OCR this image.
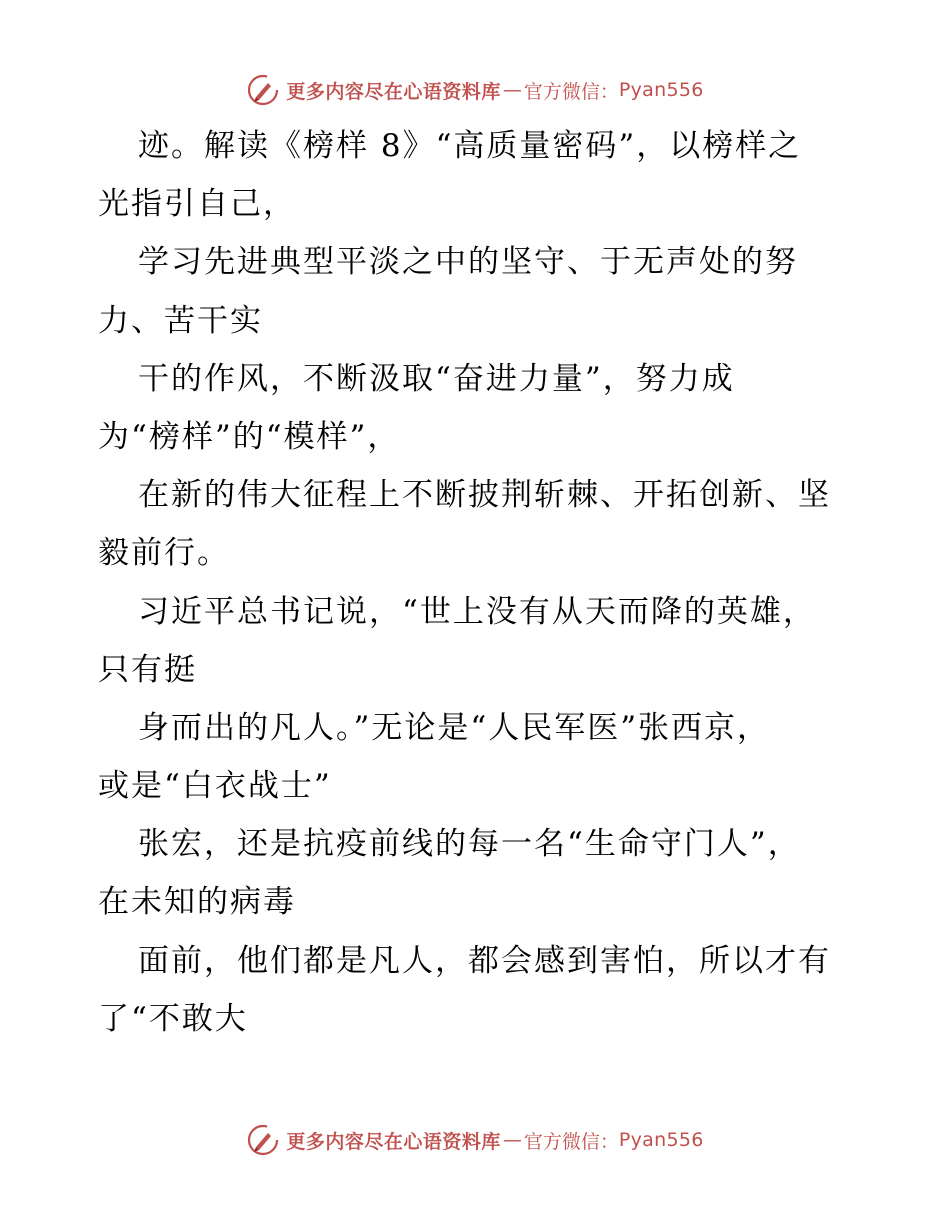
更多内容尽在心语资料库 — 官方微信： Pyan556
迹。解读《榜样 8》“高质量密码”，以榜样之
光指引自己，
学习先进典型平淡之中的坚守、于无声处的努
力、苦干实
干的作风，不断汲取“奋进力量”，努力成
为“榜样”的“模样”，
在新的伟大征程上不断披荆斩棘、开拓创新、坚
毅前行。
习近平总书记说，“世上没有从天而降的英雄，
只有挺
身而出的凡人。”无论是“人民军医”张西京，
或是“白衣战士”
张宏，还是抗疫前线的每一名“生命守门人”，
在未知的病毒
面前，他们都是凡人，都会感到害怕，所以才有
了“不敢大
更多内容尽在心语资料库 — 官方微信： Pyan556
